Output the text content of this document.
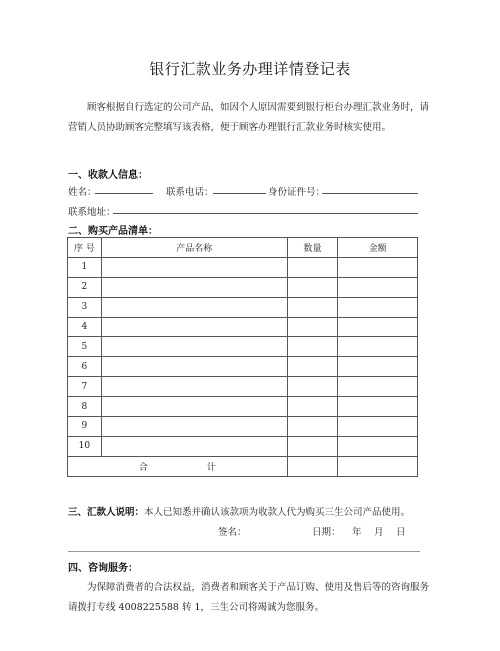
银行汇款业务办理详情登记表
顾客根据自行选定的公司产品，如因个人原因需要到银行柜台办理汇款业务时，请营销人员协助顾客完整填写该表格，便于顾客办理银行汇款业务时核实使用。
一、收款人信息：
姓名：	联系电话：	身份证件号：
联系地址：
二、购买产品清单：
序 号	产品名称	数量	金额
1			
2			
3			
4			
5			
6			
7			
8			
9			
10			
合 计			
三、汇款人说明：本人已知悉并确认该款项为收款人代为购买三生公司产品使用。
签名：	日期： 年 月 日
四、咨询服务：
为保障消费者的合法权益，消费者和顾客关于产品订购、使用及售后等的咨询服务请拨打专线 4008225588 转 1，三生公司将竭诚为您服务。
